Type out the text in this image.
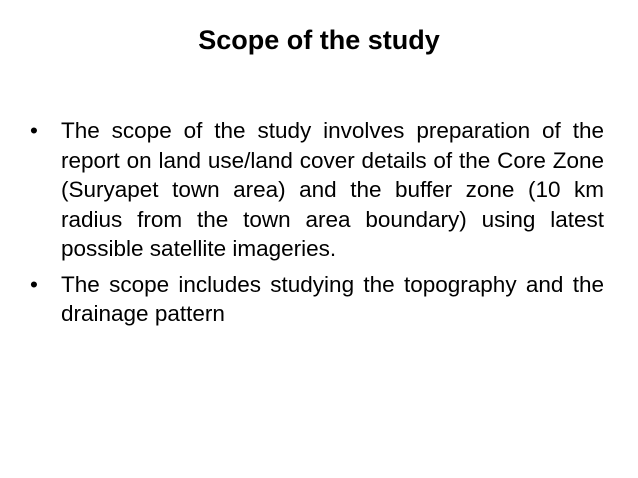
Scope of the study
•	The scope of the study involves preparation of the report on land use/land cover details of the Core Zone (Suryapet town area) and the buffer zone (10 km radius from the town area boundary) using latest possible satellite imageries.
•	The scope includes studying the topography and the drainage pattern
